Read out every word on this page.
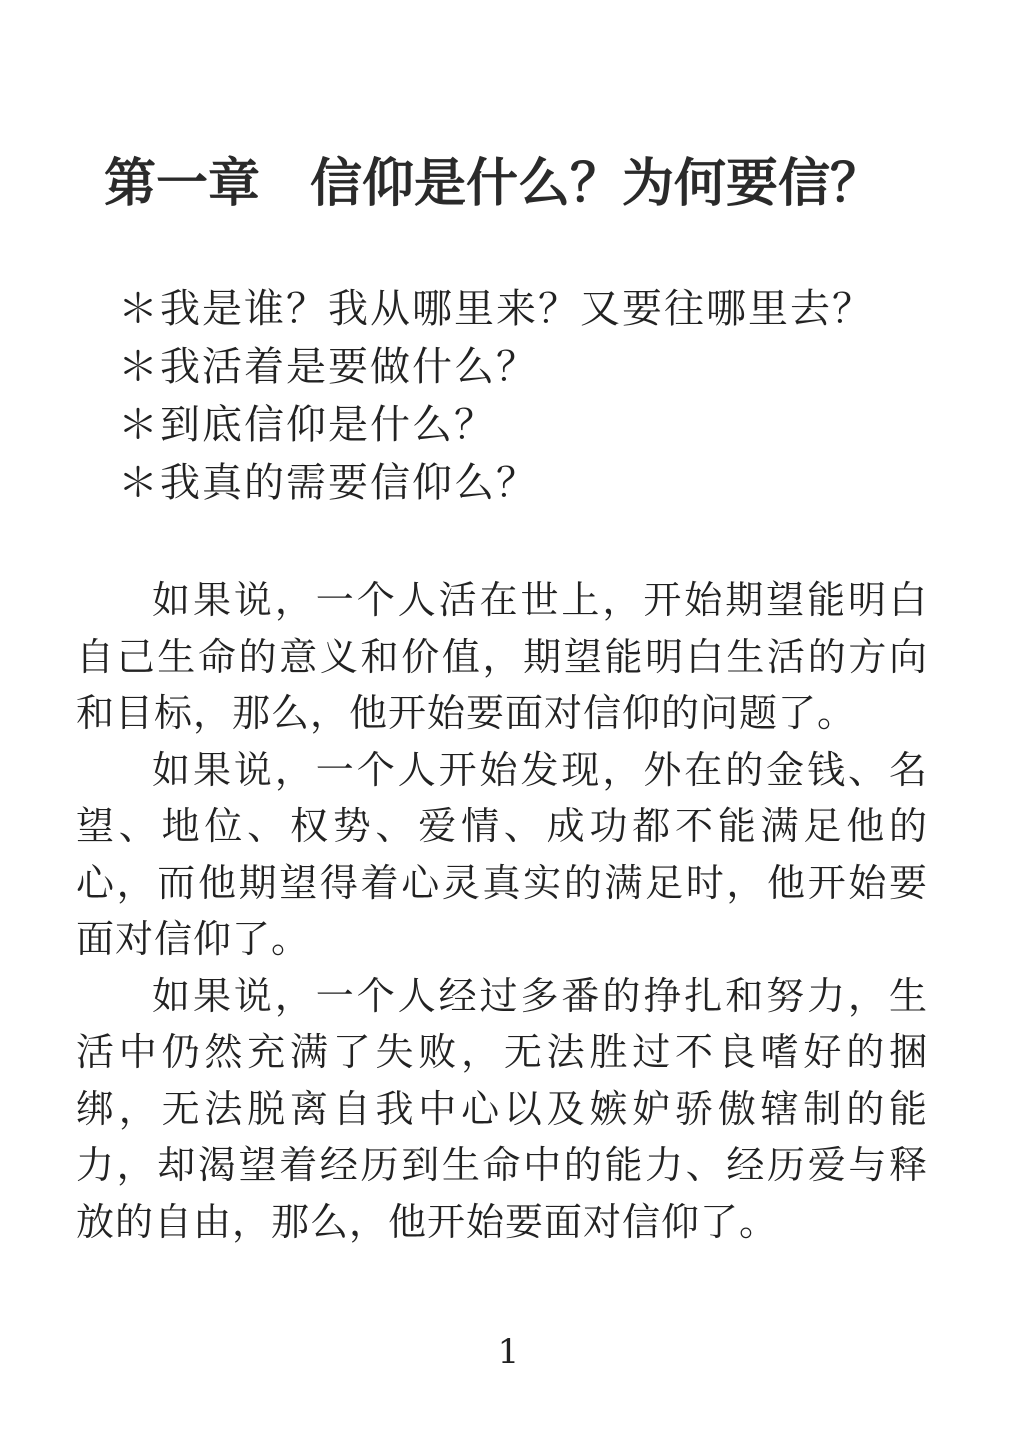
第一章 信仰是什么？为何要信？
＊我是谁？我从哪里来？又要往哪里去？
＊我活着是要做什么？
＊到底信仰是什么？
＊我真的需要信仰么？

如果说，一个人活在世上，开始期望能明白自己生命的意义和价值，期望能明白生活的方向和目标，那么，他开始要面对信仰的问题了。

如果说，一个人开始发现，外在的金钱、名望、地位、权势、爱情、成功都不能满足他的心，而他期望得着心灵真实的满足时，他开始要面对信仰了。

如果说，一个人经过多番的挣扎和努力，生活中仍然充满了失败，无法胜过不良嗜好的捆绑，无法脱离自我中心以及嫉妒骄傲辖制的能力，却渴望着经历到生命中的能力、经历爱与释放的自由，那么，他开始要面对信仰了。

1
